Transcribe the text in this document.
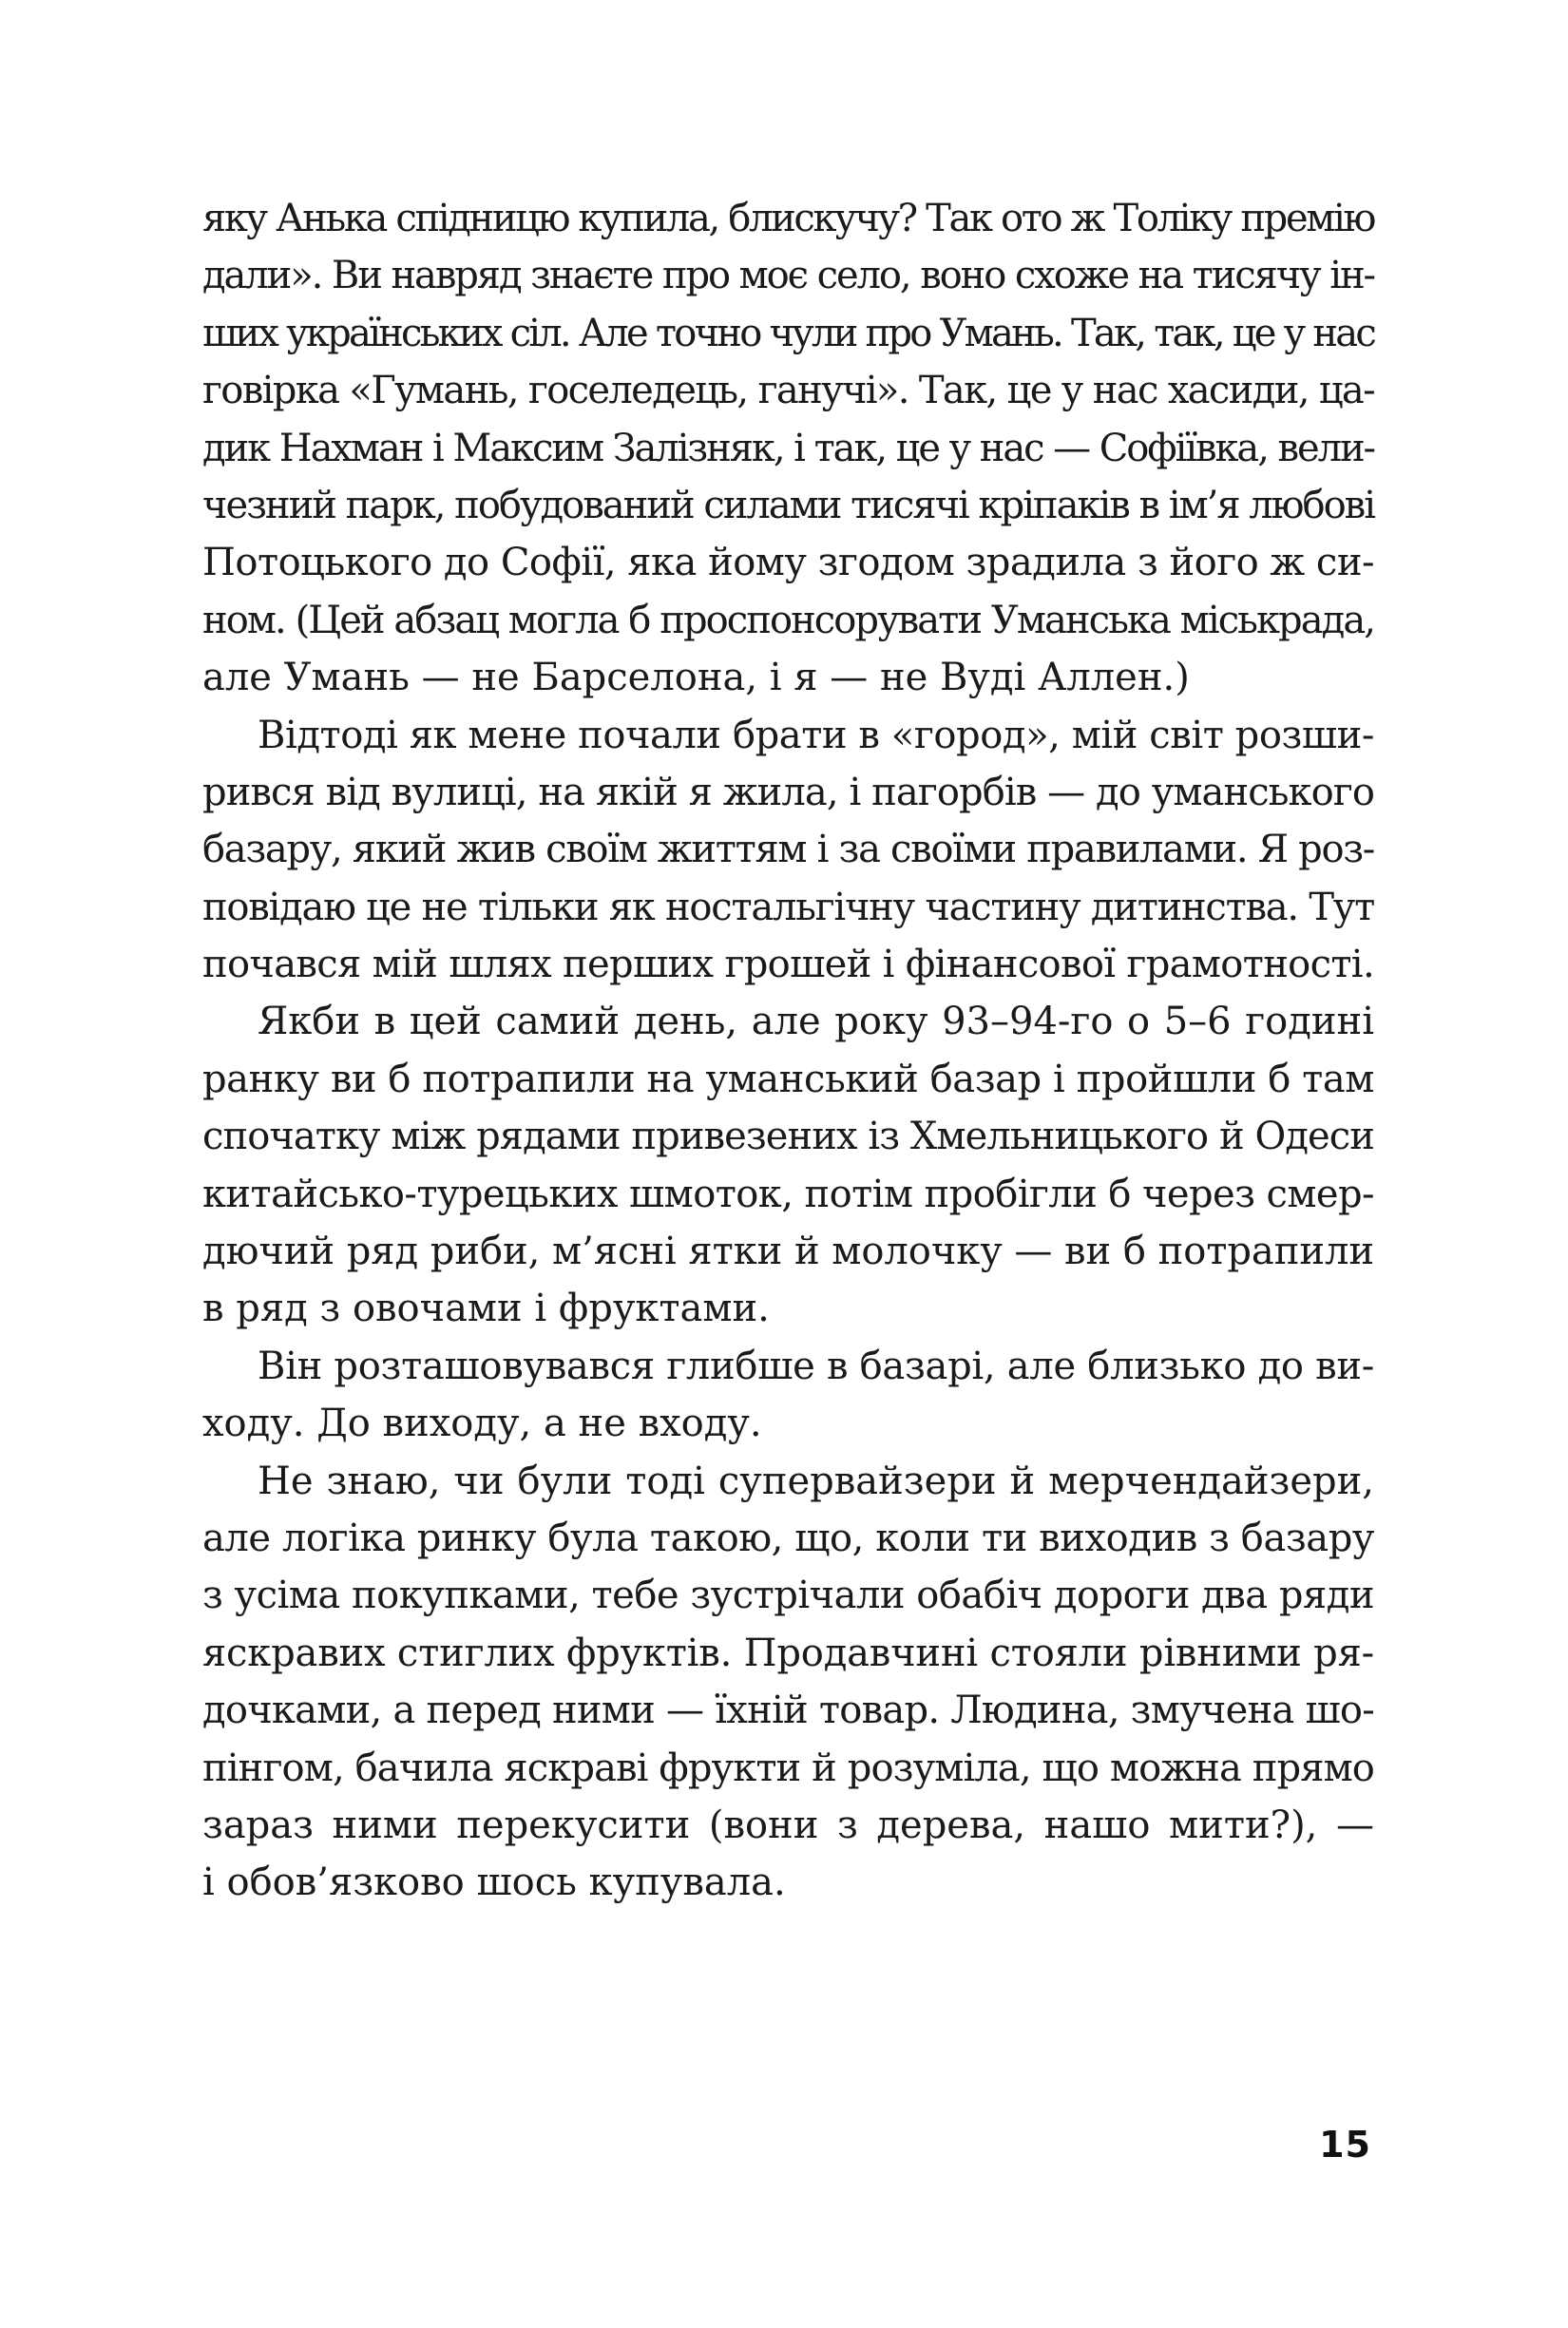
яку Анька спідницю купила, блискучу? Так ото ж Толіку премію
дали». Ви навряд знаєте про моє село, воно схоже на тисячу ін-
ших українських сіл. Але точно чули про Умань. Так, так, це у нас
говірка «Гумань, госеледець, ганучі». Так, це у нас хасиди, ца-
дик Нахман і Максим Залізняк, і так, це у нас — Софіївка, вели-
чезний парк, побудований силами тисячі кріпаків в ім’я любові
Потоцького до Софії, яка йому згодом зрадила з його ж си-
ном. (Цей абзац могла б проспонсорувати Уманська міськрада,
але Умань — не Барселона, і я — не Вуді Аллен.)
Відтоді як мене почали брати в «город», мій світ розши-
рився від вулиці, на якій я жила, і пагорбів — до уманського
базару, який жив своїм життям і за своїми правилами. Я роз-
повідаю це не тільки як ностальгічну частину дитинства. Тут
почався мій шлях перших грошей і фінансової грамотності.
Якби в цей самий день, але року 93–94-го о 5–6 годині
ранку ви б потрапили на уманський базар і пройшли б там
спочатку між рядами привезених із Хмельницького й Одеси
китайсько-турецьких шмоток, потім пробігли б через смер-
дючий ряд риби, м’ясні ятки й молочку — ви б потрапили
в ряд з овочами і фруктами.
Він розташовувався глибше в базарі, але близько до ви-
ходу. До виходу, а не входу.
Не знаю, чи були тоді супервайзери й мерчендайзери,
але логіка ринку була такою, що, коли ти виходив з базару
з усіма покупками, тебе зустрічали обабіч дороги два ряди
яскравих стиглих фруктів. Продавчині стояли рівними ря-
дочками, а перед ними — їхній товар. Людина, змучена шо-
пінгом, бачила яскраві фрукти й розуміла, що можна прямо
зараз ними перекусити (вони з дерева, нашо мити?), —
і обов’язково шось купувала.
15
